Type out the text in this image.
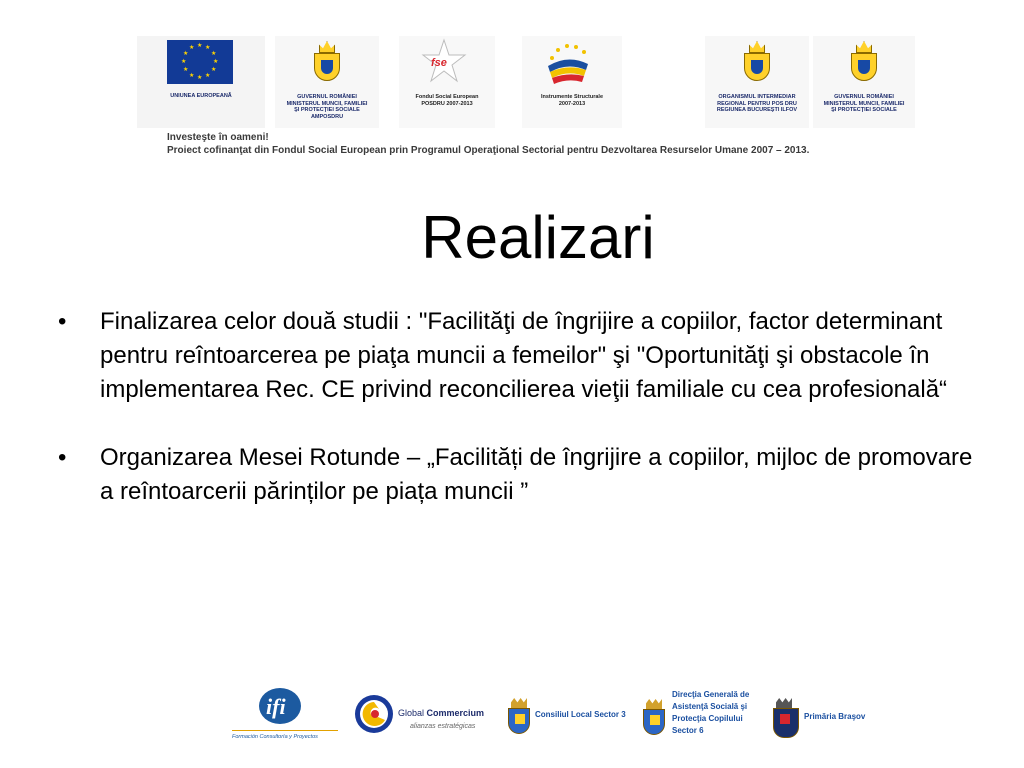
★ ★
★
★
★
★
★
★
★
★
★
★
UNIUNEA EUROPEANĂ	GUVERNUL ROMÂNIEI
MINISTERUL MUNCII, FAMILIEI
ŞI PROTECŢIEI SOCIALE
AMPOSDRU
fse
Fondul Social European
POSDRU 2007-2013
Instrumente Structurale
2007-2013
ORGANISMUL INTERMEDIAR
REGIONAL PENTRU POS DRU
REGIUNEA BUCUREŞTI ILFOV
GUVERNUL ROMÂNIEI
MINISTERUL MUNCII, FAMILIEI
ŞI PROTECŢIEI SOCIALE
Investeşte în oameni!
Proiect cofinanţat din Fondul Social European prin Programul Operaţional Sectorial pentru Dezvoltarea Resurselor Umane 2007 – 2013.
Realizari
•	Finalizarea celor două studii : "Facilităţi de îngrijire a copiilor, factor determinant pentru reîntoarcerea pe piaţa muncii a femeilor" şi "Oportunităţi şi obstacole în implementarea Rec. CE privind reconcilierea vieţii familiale cu cea profesională“
•	Organizarea Mesei Rotunde – „Facilități de îngrijire a copiilor, mijloc de promovare a reîntoarcerii părinților pe piața muncii ”
ifi
Formación Consultoría y Proyectos
Global Commercium
alianzas estratégicas
Consiliul Local Sector 3
Direcţia Generală de
Asistenţă Socială şi
Protecţia Copilului
Sector 6
Primăria Braşov
